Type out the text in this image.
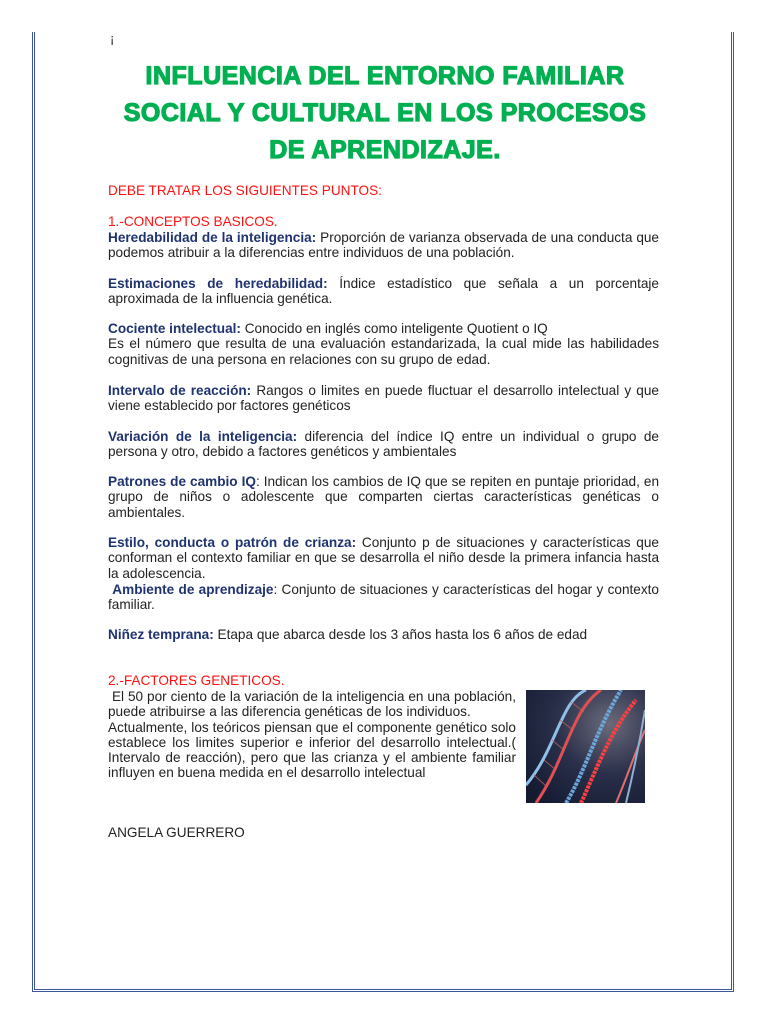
¡
INFLUENCIA DEL ENTORNO FAMILIAR
SOCIAL Y CULTURAL EN LOS PROCESOS
DE APRENDIZAJE.
DEBE TRATAR LOS SIGUIENTES PUNTOS:
1.-CONCEPTOS BASICOS.
Heredabilidad de la inteligencia: Proporción de varianza observada de una conducta que podemos atribuir a la diferencias entre individuos de una población.
Estimaciones de heredabilidad: Índice estadístico que señala a un porcentaje aproximada de la influencia genética.
Cociente intelectual: Conocido en inglés como inteligente Quotient o IQ
Es el número que resulta de una evaluación estandarizada, la cual mide las habilidades cognitivas de una persona en relaciones con su grupo de edad.
Intervalo de reacción: Rangos o limites en puede fluctuar el desarrollo intelectual y que viene establecido por factores genéticos
Variación de la inteligencia: diferencia del índice IQ entre un individual o grupo de persona y otro, debido a factores genéticos y ambientales
Patrones de cambio IQ: Indican los cambios de IQ que se repiten en puntaje prioridad, en grupo de niños o adolescente que comparten ciertas características genéticas o ambientales.
Estilo, conducta o patrón de crianza: Conjunto p de situaciones y características que conforman el contexto familiar en que se desarrolla el niño desde la primera infancia hasta la adolescencia.
Ambiente de aprendizaje: Conjunto de situaciones y características del hogar y contexto familiar.
Niñez temprana: Etapa que abarca desde los 3 años hasta los 6 años de edad
2.-FACTORES GENETICOS.
El 50 por ciento de la variación de la inteligencia en una población, puede atribuirse a las diferencia genéticas de los individuos.
Actualmente, los teóricos piensan que el componente genético solo establece los limites superior e inferior del desarrollo intelectual.( Intervalo de reacción), pero que las crianza y el ambiente familiar influyen en buena medida en el desarrollo intelectual
ANGELA GUERRERO
